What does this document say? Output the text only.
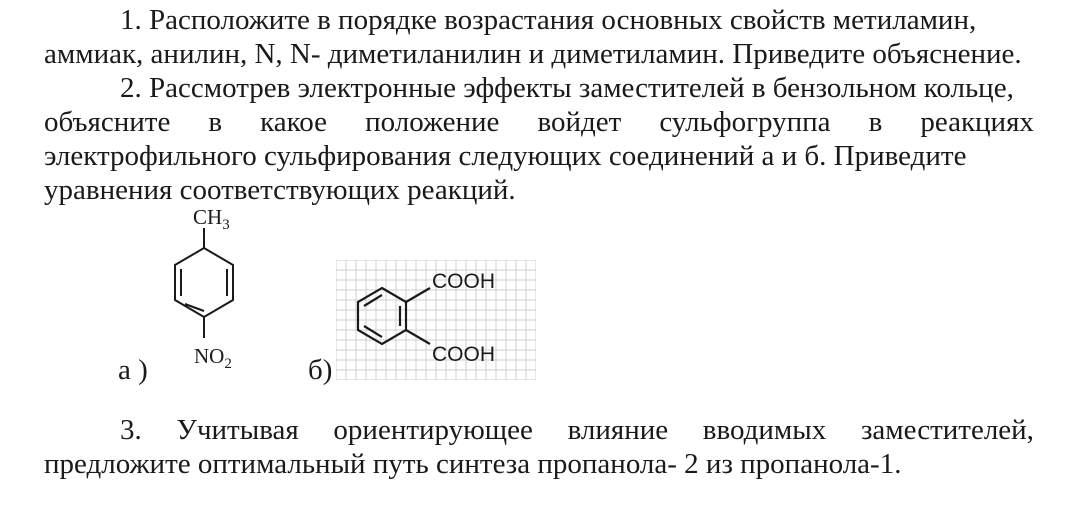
1. Расположите в порядке возрастания основных свойств метиламин,
аммиак, анилин, N, N- диметиланилин и диметиламин. Приведите объяснение.
2. Рассмотрев электронные эффекты заместителей в бензольном кольце,
объясните в какое положение войдет сульфогруппа в реакциях
электрофильного сульфирования следующих соединений а и б. Приведите
уравнения соответствующих реакций.
а )
$CH_3$
$NO_2$	б)
COOH
COOH
3. Учитывая ориентирующее влияние вводимых заместителей,
предложите оптимальный путь синтеза пропанола- 2 из пропанола-1.
